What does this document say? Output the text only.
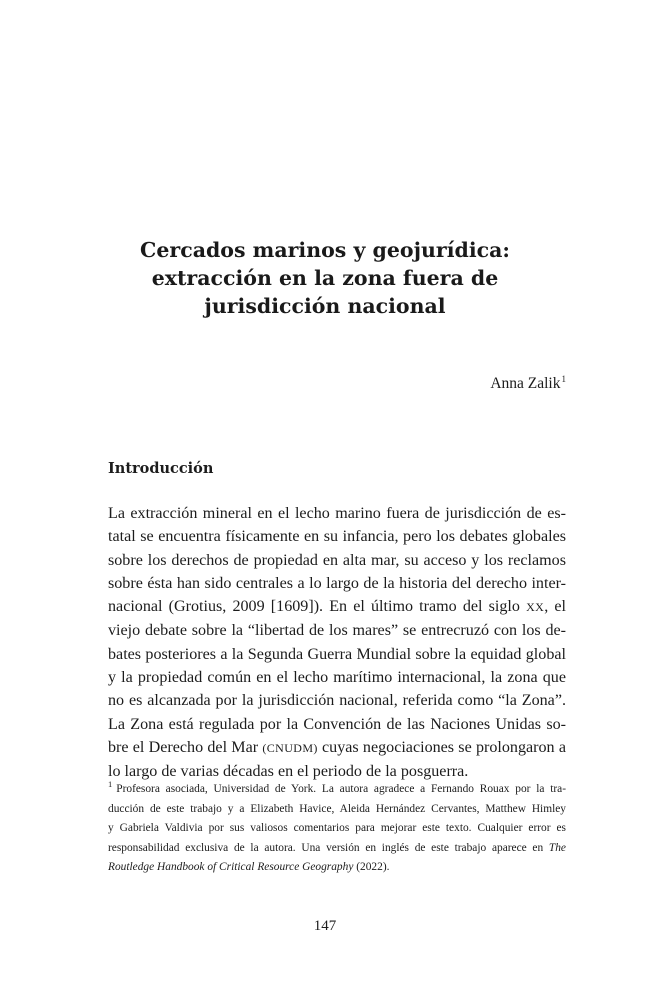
Cercados marinos y geojurídica:
extracción en la zona fuera de
jurisdicción nacional
Anna Zalik$^1$
Introducción
La extracción mineral en el lecho marino fuera de jurisdicción de es-
tatal se encuentra físicamente en su infancia, pero los debates globales
sobre los derechos de propiedad en alta mar, su acceso y los reclamos
sobre ésta han sido centrales a lo largo de la historia del derecho inter-
nacional (Grotius, 2009 [1609]). En el último tramo del siglo XX, el
viejo debate sobre la “libertad de los mares” se entrecruzó con los de-
bates posteriores a la Segunda Guerra Mundial sobre la equidad global
y la propiedad común en el lecho marítimo internacional, la zona que
no es alcanzada por la jurisdicción nacional, referida como “la Zona”.
La Zona está regulada por la Convención de las Naciones Unidas so-
bre el Derecho del Mar (CNUDM) cuyas negociaciones se prolongaron a
lo largo de varias décadas en el periodo de la posguerra.
$^1$ Profesora asociada, Universidad de York. La autora agradece a Fernando Rouax por la tra-
ducción de este trabajo y a Elizabeth Havice, Aleida Hernández Cervantes, Matthew Himley
y Gabriela Valdivia por sus valiosos comentarios para mejorar este texto. Cualquier error es
responsabilidad exclusiva de la autora. Una versión en inglés de este trabajo aparece en The
Routledge Handbook of Critical Resource Geography (2022).
147
